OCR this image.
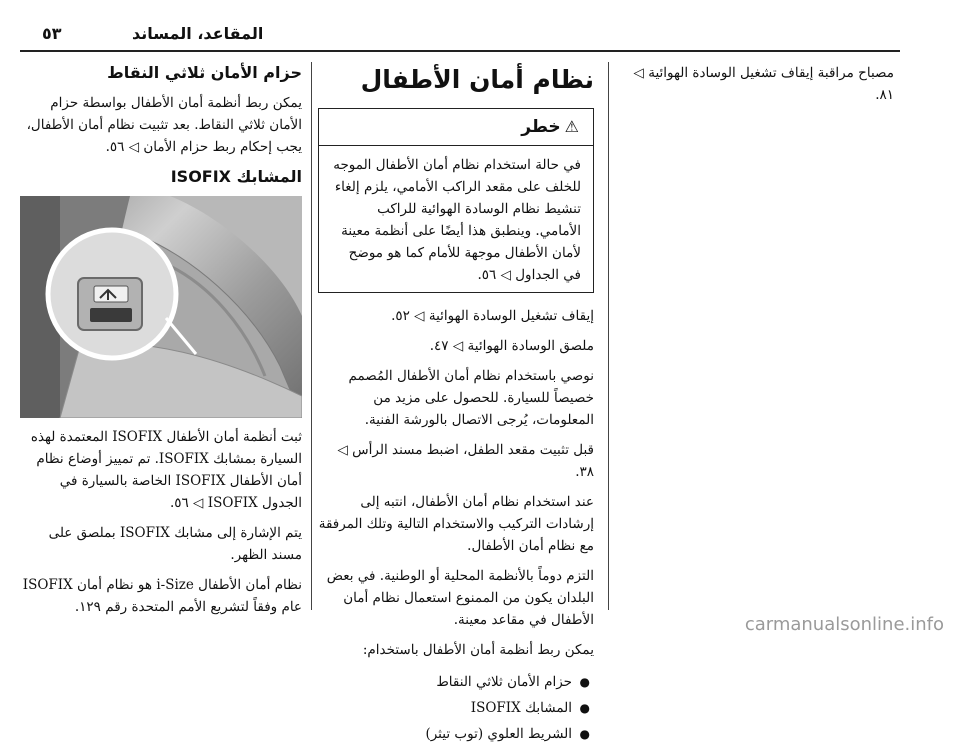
٥٣	المقاعد، المساند

مصباح مراقبة إيقاف تشغيل الوسادة الهوائية ◁ ٨١.

نظام أمان الأطفال
⚠خطر
في حالة استخدام نظام أمان الأطفال الموجه للخلف على مقعد الراكب الأمامي، يلزم إلغاء تنشيط نظام الوسادة الهوائية للراكب الأمامي. وينطبق هذا أيضًا على أنظمة معينة لأمان الأطفال موجهة للأمام كما هو موضح في الجداول ◁ ٥٦.

إيقاف تشغيل الوسادة الهوائية ◁ ٥٢.

ملصق الوسادة الهوائية ◁ ٤٧.

نوصي باستخدام نظام أمان الأطفال المُصمم خصيصاً للسيارة. للحصول على مزيد من المعلومات، يُرجى الاتصال بالورشة الفنية.

قبل تثبيت مقعد الطفل، اضبط مسند الرأس ◁ ٣٨.

عند استخدام نظام أمان الأطفال، انتبه إلى إرشادات التركيب والاستخدام التالية وتلك المرفقة مع نظام أمان الأطفال.

التزم دوماً بالأنظمة المحلية أو الوطنية. في بعض البلدان يكون من الممنوع استعمال نظام أمان الأطفال في مقاعد معينة.

يمكن ربط أنظمة أمان الأطفال باستخدام:

●
حزام الأمان ثلاثي النقاط
●
المشابك ISOFIX
●
الشريط العلوي (توب تيثر)
حزام الأمان ثلاثي النقاط

يمكن ربط أنظمة أمان الأطفال بواسطة حزام الأمان ثلاثي النقاط. بعد تثبيت نظام أمان الأطفال، يجب إحكام ربط حزام الأمان ◁ ٥٦.

المشابك ISOFIX

ثبت أنظمة أمان الأطفال ISOFIX المعتمدة لهذه السيارة بمشابك ISOFIX. تم تمييز أوضاع نظام أمان الأطفال ISOFIX الخاصة بالسيارة في الجدول ISOFIX ◁ ٥٦.

يتم الإشارة إلى مشابك ISOFIX بملصق على مسند الظهر.

نظام أمان الأطفال i-Size هو نظام أمان ISOFIX عام وفقاً لتشريع الأمم المتحدة رقم ١٢٩.

carmanualsonline.info
